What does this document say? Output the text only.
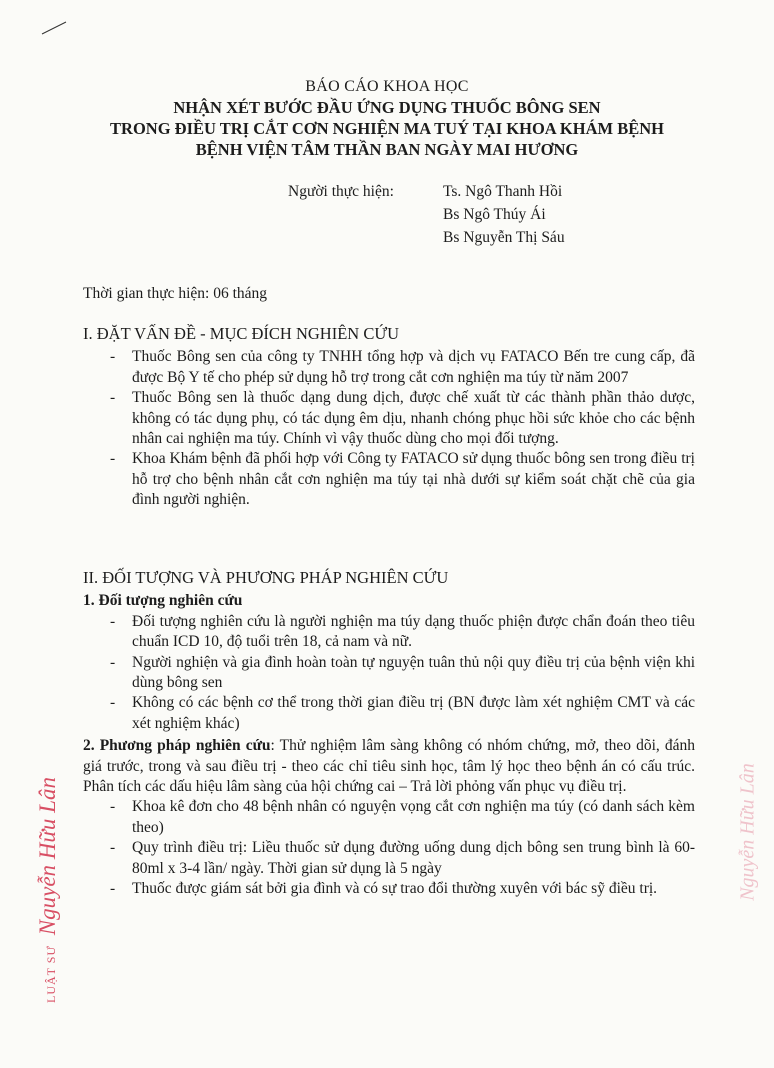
BÁO CÁO KHOA HỌC
NHẬN XÉT BƯỚC ĐẦU ỨNG DỤNG THUỐC BÔNG SEN
TRONG ĐIỀU TRỊ CẮT CƠN NGHIỆN MA TUÝ TẠI KHOA KHÁM BỆNH
BỆNH VIỆN TÂM THẦN BAN NGÀY MAI HƯƠNG
Người thực hiện:	Ts. Ngô Thanh Hồi
Bs Ngô Thúy Ái
Bs Nguyễn Thị Sáu
Thời gian thực hiện: 06 tháng
I. ĐẶT VẤN ĐỀ - MỤC ĐÍCH NGHIÊN CỨU
- Thuốc Bông sen của công ty TNHH tổng hợp và dịch vụ FATACO Bến tre cung cấp, đã được Bộ Y tế cho phép sử dụng hỗ trợ trong cắt cơn nghiện ma túy từ năm 2007
- Thuốc Bông sen là thuốc dạng dung dịch, được chế xuất từ các thành phần thảo dược, không có tác dụng phụ, có tác dụng êm dịu, nhanh chóng phục hồi sức khỏe cho các bệnh nhân cai nghiện ma túy. Chính vì vậy thuốc dùng cho mọi đối tượng.
- Khoa Khám bệnh đã phối hợp với Công ty FATACO sử dụng thuốc bông sen trong điều trị hỗ trợ cho bệnh nhân cắt cơn nghiện ma túy tại nhà dưới sự kiểm soát chặt chẽ của gia đình người nghiện.
II. ĐỐI TƯỢNG VÀ PHƯƠNG PHÁP NGHIÊN CỨU
1. Đối tượng nghiên cứu
- Đối tượng nghiên cứu là người nghiện ma túy dạng thuốc phiện được chẩn đoán theo tiêu chuẩn ICD 10, độ tuổi trên 18, cả nam và nữ.
- Người nghiện và gia đình hoàn toàn tự nguyện tuân thủ nội quy điều trị của bệnh viện khi dùng bông sen
- Không có các bệnh cơ thể trong thời gian điều trị (BN được làm xét nghiệm CMT và các xét nghiệm khác)
2. Phương pháp nghiên cứu: Thử nghiệm lâm sàng không có nhóm chứng, mở, theo dõi, đánh giá trước, trong và sau điều trị - theo các chỉ tiêu sinh học, tâm lý học theo bệnh án có cấu trúc. Phân tích các dấu hiệu lâm sàng của hội chứng cai – Trả lời phỏng vấn phục vụ điều trị.
- Khoa kê đơn cho 48 bệnh nhân có nguyện vọng cắt cơn nghiện ma túy (có danh sách kèm theo)
- Quy trình điều trị: Liều thuốc sử dụng đường uống dung dịch bông sen trung bình là 60-80ml x 3-4 lần/ ngày. Thời gian sử dụng là 5 ngày
- Thuốc được giám sát bởi gia đình và có sự trao đổi thường xuyên với bác sỹ điều trị.
LUẬT SƯ Nguyễn Hữu Lân	Nguyễn Hữu Lân
